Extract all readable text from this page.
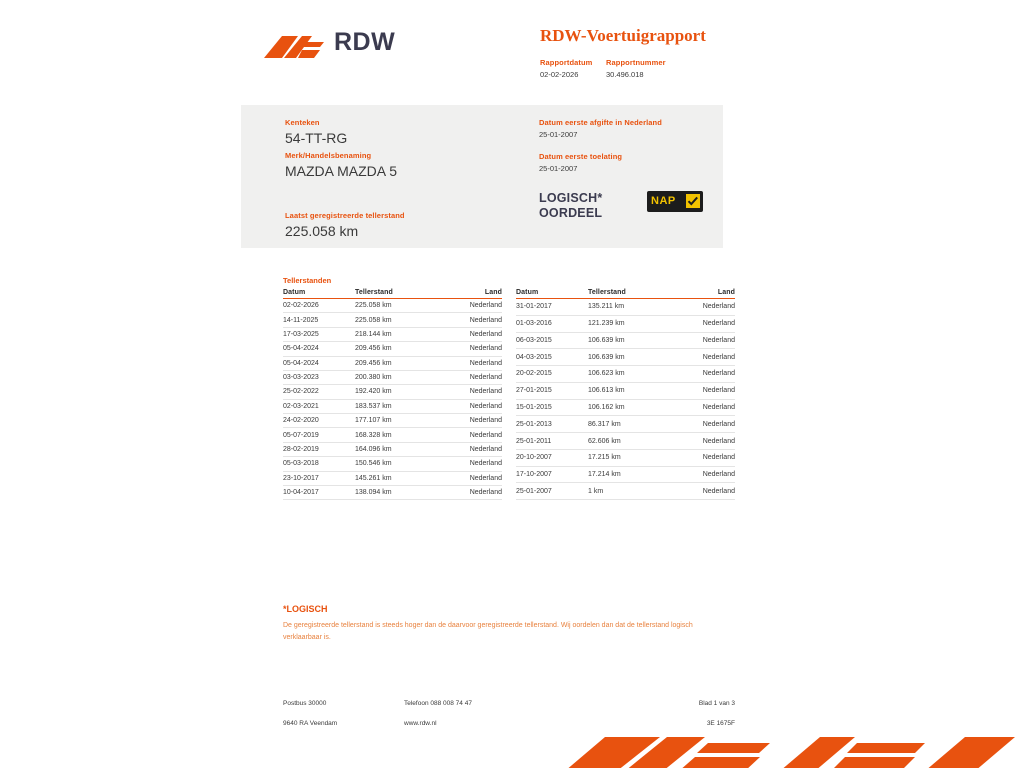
RDW	RDW-Voertuigrapport
Rapportdatum
02-02-2026
Rapportnummer
30.496.018
Kenteken
54-TT-RG
Merk/Handelsbenaming
MAZDA MAZDA 5
Laatst geregistreerde tellerstand
225.058 km
Datum eerste afgifte in Nederland
25-01-2007
Datum eerste toelating
25-01-2007
LOGISCH*
OORDEEL
NAP
Tellerstanden
Datum	Tellerstand	Land
02-02-2026	225.058 km	Nederland
14-11-2025	225.058 km	Nederland
17-03-2025	218.144 km	Nederland
05-04-2024	209.456 km	Nederland
05-04-2024	209.456 km	Nederland
03-03-2023	200.380 km	Nederland
25-02-2022	192.420 km	Nederland
02-03-2021	183.537 km	Nederland
24-02-2020	177.107 km	Nederland
05-07-2019	168.328 km	Nederland
28-02-2019	164.096 km	Nederland
05-03-2018	150.546 km	Nederland
23-10-2017	145.261 km	Nederland
10-04-2017	138.094 km	Nederland
Datum	Tellerstand	Land
31-01-2017	135.211 km	Nederland
01-03-2016	121.239 km	Nederland
06-03-2015	106.639 km	Nederland
04-03-2015	106.639 km	Nederland
20-02-2015	106.623 km	Nederland
27-01-2015	106.613 km	Nederland
15-01-2015	106.162 km	Nederland
25-01-2013	86.317 km	Nederland
25-01-2011	62.606 km	Nederland
20-10-2007	17.215 km	Nederland
17-10-2007	17.214 km	Nederland
25-01-2007	1 km	Nederland
*LOGISCH
De geregistreerde tellerstand is steeds hoger dan de daarvoor geregistreerde tellerstand. Wij oordelen dan dat de tellerstand logisch verklaarbaar is.
Postbus 30000
9640 RA Veendam
Telefoon 088 008 74 47
www.rdw.nl
Blad 1 van 3
3E 1675F
